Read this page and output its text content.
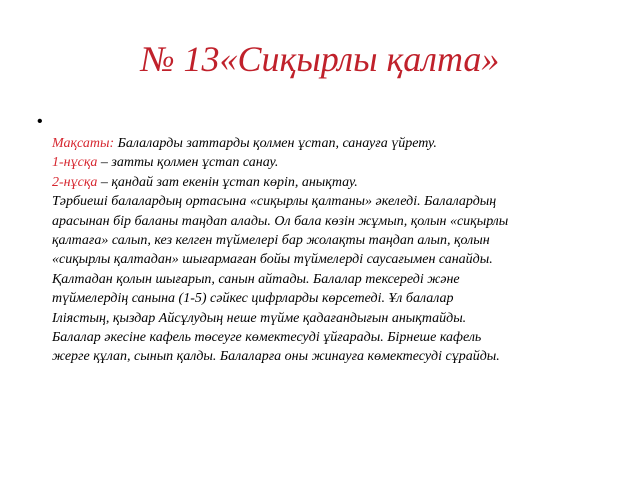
№ 13«Сиқырлы қалта»
•
Мақсаты: Балаларды заттарды қолмен ұстап, санауға үйрету.
1-нұсқа – затты қолмен ұстап санау.
2-нұсқа – қандай зат екенін ұстап көріп, анықтау.
Тәрбиеші балалардың ортасына «сиқырлы қалтаны» әкеледі. Балалардың
арасынан бір баланы таңдап алады. Ол бала көзін жұмып, қолын «сиқырлы
қалтаға» салып, кез келген түймелері бар жолақты таңдап алып, қолын
«сиқырлы қалтадан» шығармаған бойы түймелерді саусағымен санайды.
Қалтадан қолын шығарып, санын айтады. Балалар тексереді және
түймелердің санына (1-5) сәйкес цифрларды көрсетеді. Ұл балалар
Іліястың, қыздар Айсұлудың неше түйме қадағандығын анықтайды.
Балалар әкесіне кафель төсеуге көмектесуді ұйғарады. Бірнеше кафель
жерге құлап, сынып қалды. Балаларға оны жинауға көмектесуді сұрайды.
